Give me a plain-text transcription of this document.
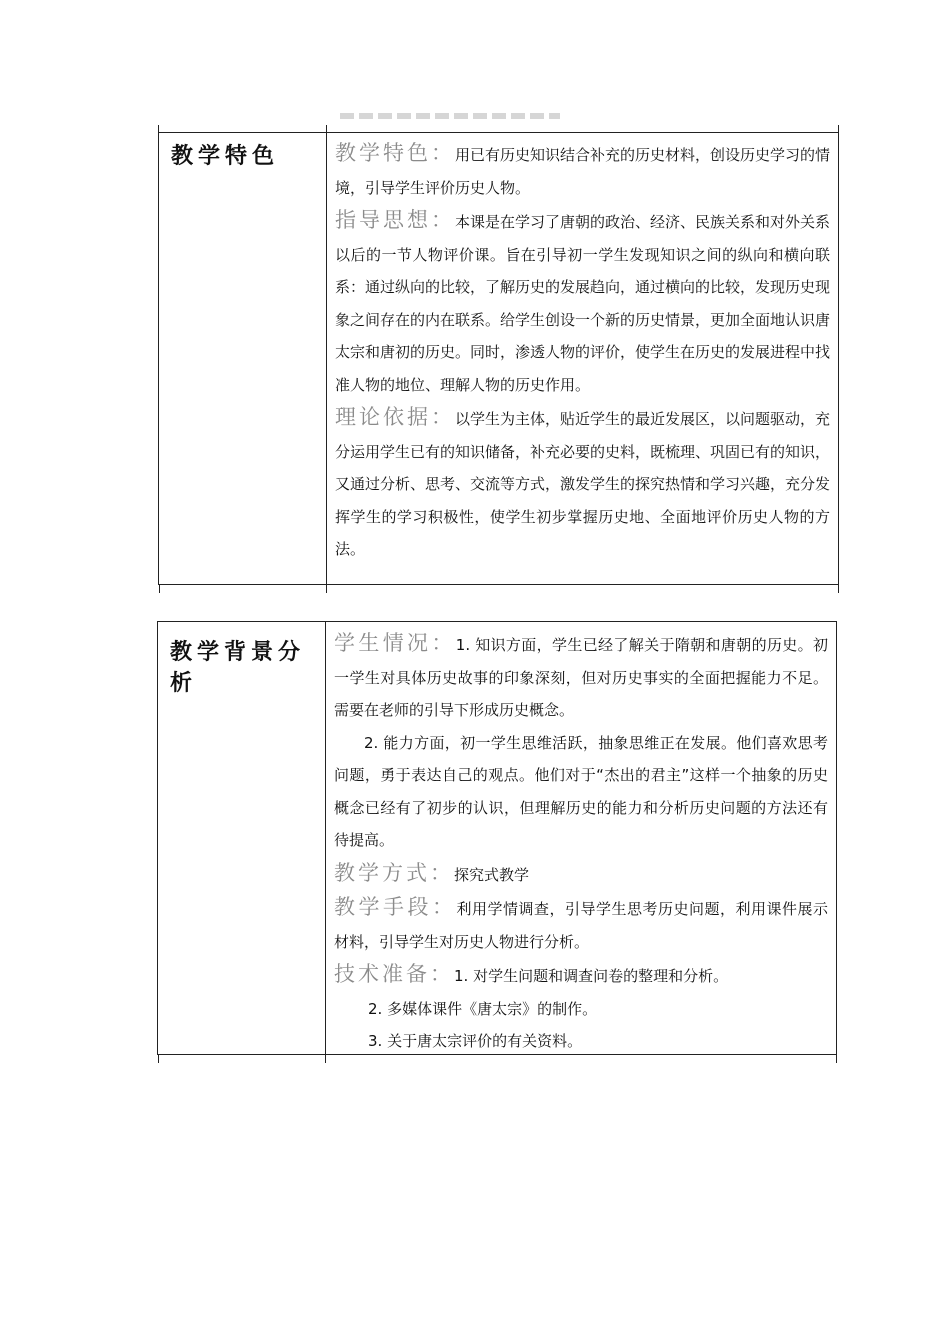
教学特色	教学特色：用已有历史知识结合补充的历史材料，创设历史学习的情境，引导学生评价历史人物。

指导思想：本课是在学习了唐朝的政治、经济、民族关系和对外关系以后的一节人物评价课。旨在引导初一学生发现知识之间的纵向和横向联系：通过纵向的比较，了解历史的发展趋向，通过横向的比较，发现历史现象之间存在的内在联系。给学生创设一个新的历史情景，更加全面地认识唐太宗和唐初的历史。同时，渗透人物的评价，使学生在历史的发展进程中找准人物的地位、理解人物的历史作用。

理论依据：以学生为主体，贴近学生的最近发展区，以问题驱动，充分运用学生已有的知识储备，补充必要的史料，既梳理、巩固已有的知识，又通过分析、思考、交流等方式，激发学生的探究热情和学习兴趣，充分发挥学生的学习积极性，使学生初步掌握历史地、全面地评价历史人物的方法。

教学背景分析

学生情况：1. 知识方面，学生已经了解关于隋朝和唐朝的历史。初一学生对具体历史故事的印象深刻，但对历史事实的全面把握能力不足。需要在老师的引导下形成历史概念。

2. 能力方面，初一学生思维活跃，抽象思维正在发展。他们喜欢思考问题，勇于表达自己的观点。他们对于“杰出的君主”这样一个抽象的历史概念已经有了初步的认识，但理解历史的能力和分析历史问题的方法还有待提高。

教学方式：探究式教学

教学手段：利用学情调查，引导学生思考历史问题，利用课件展示材料，引导学生对历史人物进行分析。

技术准备：1. 对学生问题和调查问卷的整理和分析。

2. 多媒体课件《唐太宗》的制作。

3. 关于唐太宗评价的有关资料。
